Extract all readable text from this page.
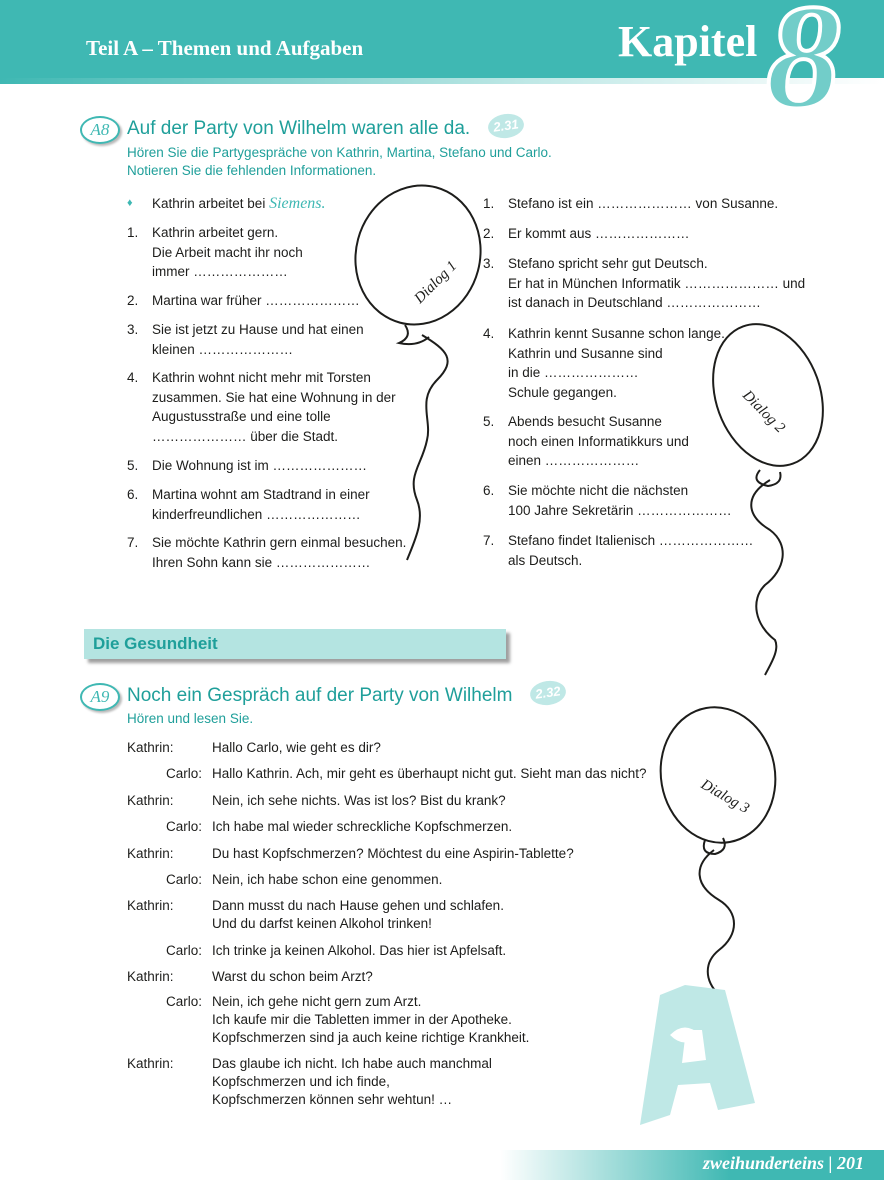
Teil A – Themen und Aufgaben	Kapitel 8
Dialog 1
Dialog 2
Dialog 3
A8 Auf der Party von Wilhelm waren alle da.	2.31
Hören Sie die Partygespräche von Kathrin, Martina, Stefano und Carlo.
Notieren Sie die fehlenden Informationen.
♦ Kathrin arbeitet bei Siemens.
1. Kathrin arbeitet gern.
Die Arbeit macht ihr noch
immer …………………
2. Martina war früher …………………
3. Sie ist jetzt zu Hause und hat einen
kleinen …………………
4. Kathrin wohnt nicht mehr mit Torsten
zusammen. Sie hat eine Wohnung in der
Augustusstraße und eine tolle
………………… über die Stadt.
5. Die Wohnung ist im …………………
6. Martina wohnt am Stadtrand in einer
kinderfreundlichen …………………
7. Sie möchte Kathrin gern einmal besuchen.
Ihren Sohn kann sie …………………
1. Stefano ist ein ………………… von Susanne.
2. Er kommt aus …………………
3. Stefano spricht sehr gut Deutsch.
Er hat in München Informatik ………………… und
ist danach in Deutschland …………………
4. Kathrin kennt Susanne schon lange.
Kathrin und Susanne sind
in die …………………
Schule gegangen.
5. Abends besucht Susanne
noch einen Informatikkurs und
einen …………………
6. Sie möchte nicht die nächsten
100 Jahre Sekretärin …………………
7. Stefano findet Italienisch …………………
als Deutsch.
Die Gesundheit
A9 Noch ein Gespräch auf der Party von Wilhelm	2.32
Hören und lesen Sie.
Kathrin:	Hallo Carlo, wie geht es dir?
Carlo: Hallo Kathrin. Ach, mir geht es überhaupt nicht gut. Sieht man das nicht?
Kathrin:	Nein, ich sehe nichts. Was ist los? Bist du krank?
Carlo: Ich habe mal wieder schreckliche Kopfschmerzen.
Kathrin:	Du hast Kopfschmerzen? Möchtest du eine Aspirin-Tablette?
Carlo: Nein, ich habe schon eine genommen.
Kathrin:	Dann musst du nach Hause gehen und schlafen.
Und du darfst keinen Alkohol trinken!
Carlo: Ich trinke ja keinen Alkohol. Das hier ist Apfelsaft.
Kathrin:	Warst du schon beim Arzt?
Carlo: Nein, ich gehe nicht gern zum Arzt.
Ich kaufe mir die Tabletten immer in der Apotheke.
Kopfschmerzen sind ja auch keine richtige Krankheit.
Kathrin:	Das glaube ich nicht. Ich habe auch manchmal
Kopfschmerzen und ich finde,
Kopfschmerzen können sehr wehtun! …
zweihunderteins | 201
